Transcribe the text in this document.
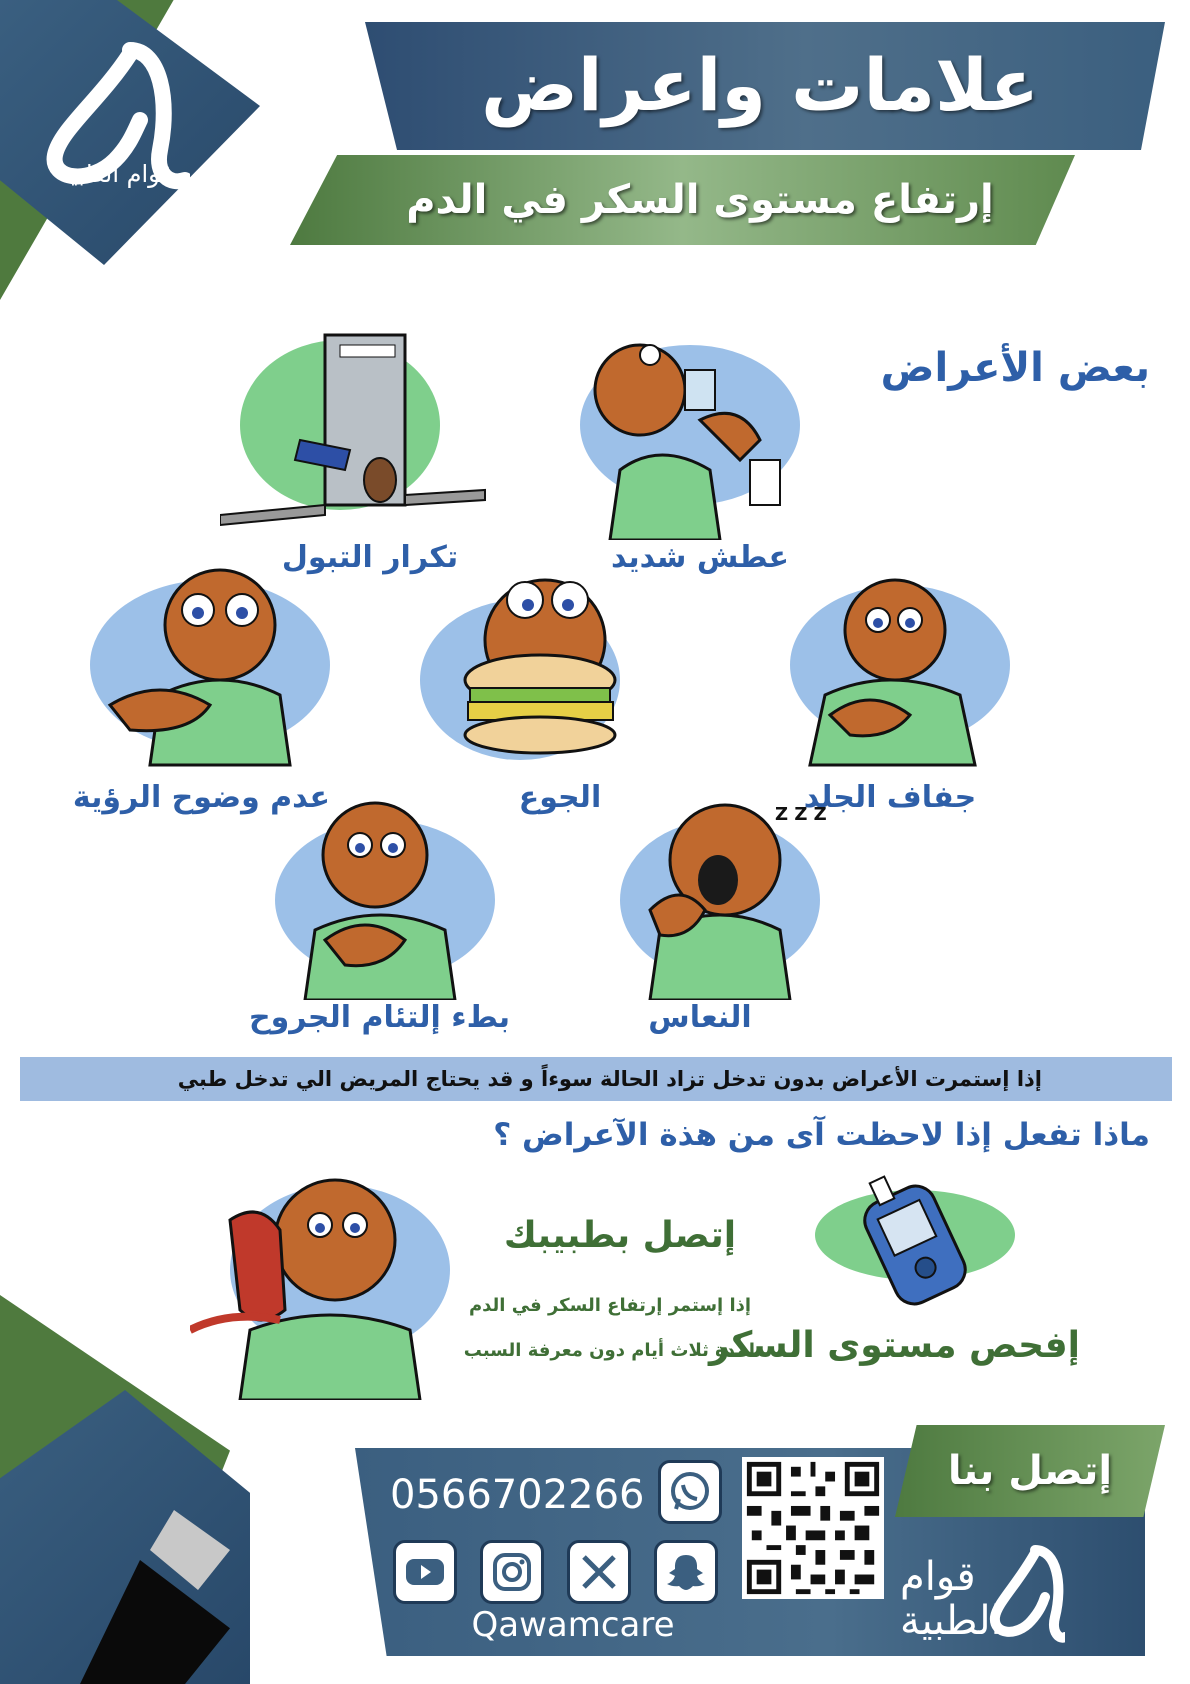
قوام الطبية
علامات واعراض
إرتفاع مستوى السكر في الدم
بعض الأعراض
عطش شديد
تكرار التبول
جفاف الجلد
الجوع
عدم وضوح الرؤية	Z Z Z
النعاس
بطء إلتئام الجروح
إذا إستمرت الأعراض بدون تدخل تزاد الحالة سوءاً و قد يحتاج المريض الي تدخل طبي
ماذا تفعل إذا لاحظت آى من هذة الآعراض ؟
إتصل بطبيبك
إذا إستمر إرتفاع السكر في الدم
لمدة ثلاث أيام دون معرفة السبب
إفحص مستوى السكر
إتصل بنا
0566702266
Qawamcare
قوام
الطبية
